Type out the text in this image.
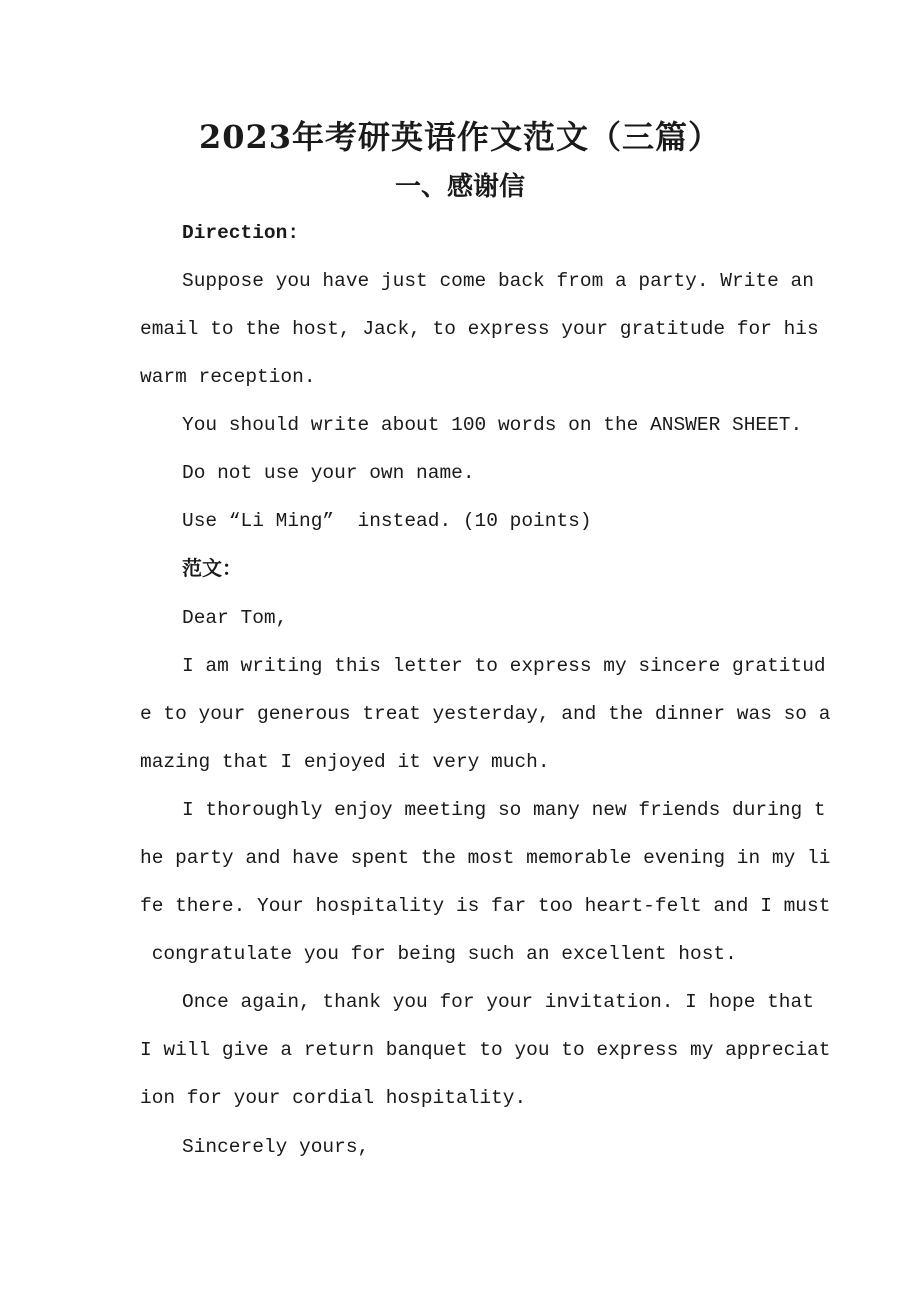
2023年考研英语作文范文（三篇）
一、感谢信
Direction:
Suppose you have just come back from a party. Write an
email to the host, Jack, to express your gratitude for his
warm reception.
You should write about 100 words on the ANSWER SHEET.
Do not use your own name.
Use “Li Ming”  instead. (10 points)
范文：
Dear Tom,
I am writing this letter to express my sincere gratitud
e to your generous treat yesterday, and the dinner was so a
mazing that I enjoyed it very much.
I thoroughly enjoy meeting so many new friends during t
he party and have spent the most memorable evening in my li
fe there. Your hospitality is far too heart-felt and I must
congratulate you for being such an excellent host.
Once again, thank you for your invitation. I hope that
I will give a return banquet to you to express my appreciat
ion for your cordial hospitality.
Sincerely yours,
